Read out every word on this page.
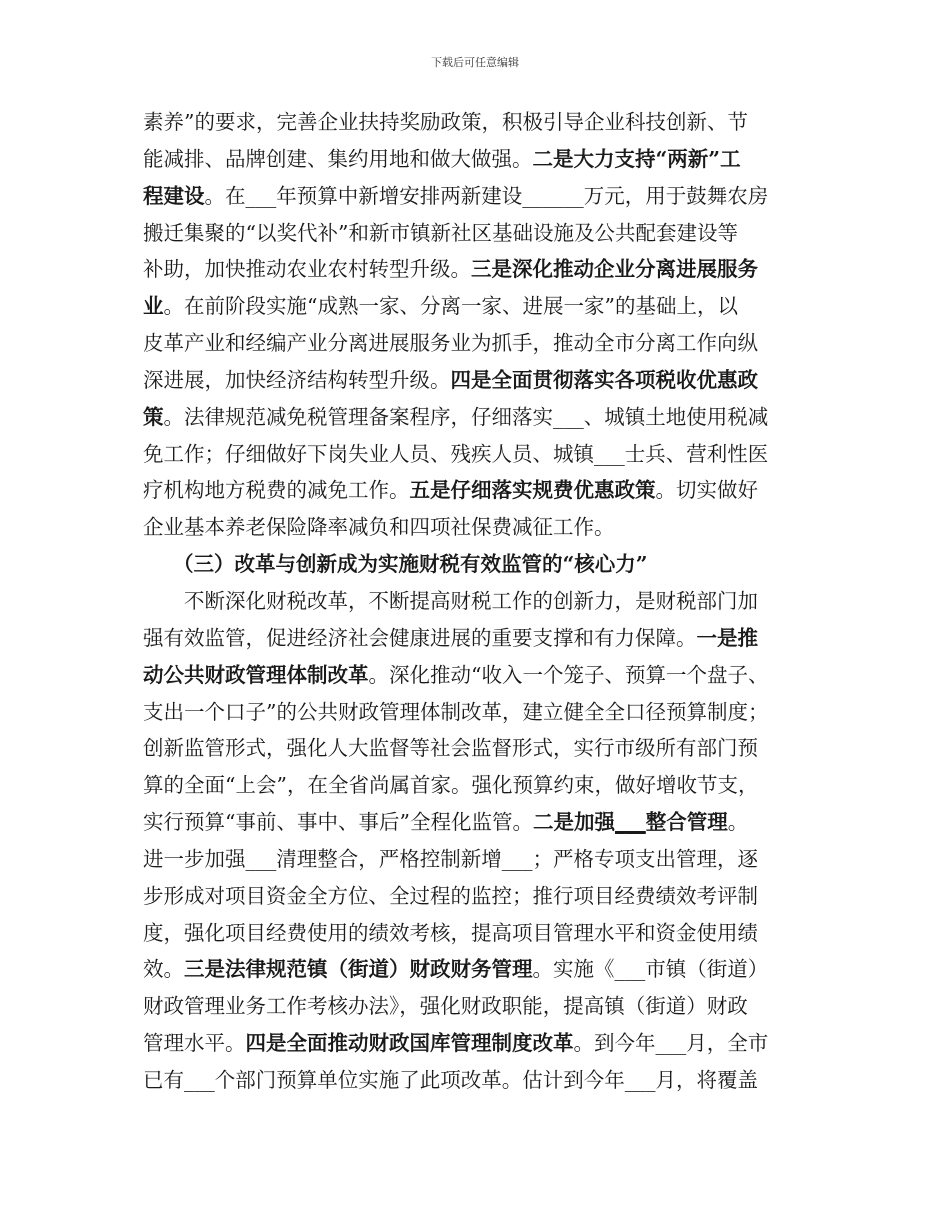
下载后可任意编辑
素养”的要求，完善企业扶持奖励政策，积极引导企业科技创新、节
能减排、品牌创建、集约用地和做大做强。二是大力支持“两新”工
程建设。在___年预算中新增安排两新建设______万元，用于鼓舞农房
搬迁集聚的“以奖代补”和新市镇新社区基础设施及公共配套建设等
补助，加快推动农业农村转型升级。三是深化推动企业分离进展服务
业。在前阶段实施“成熟一家、分离一家、进展一家”的基础上，以
皮革产业和经编产业分离进展服务业为抓手，推动全市分离工作向纵
深进展，加快经济结构转型升级。四是全面贯彻落实各项税收优惠政
策。法律规范减免税管理备案程序，仔细落实___、城镇土地使用税减
免工作；仔细做好下岗失业人员、残疾人员、城镇___士兵、营利性医
疗机构地方税费的减免工作。五是仔细落实规费优惠政策。切实做好
企业基本养老保险降率减负和四项社保费减征工作。
（三）改革与创新成为实施财税有效监管的“核心力”
不断深化财税改革，不断提高财税工作的创新力，是财税部门加
强有效监管，促进经济社会健康进展的重要支撑和有力保障。一是推
动公共财政管理体制改革。深化推动“收入一个笼子、预算一个盘子、
支出一个口子”的公共财政管理体制改革，建立健全全口径预算制度；
创新监管形式，强化人大监督等社会监督形式，实行市级所有部门预
算的全面“上会”，在全省尚属首家。强化预算约束，做好增收节支，
实行预算“事前、事中、事后”全程化监管。二是加强___整合管理。
进一步加强___清理整合，严格控制新增___；严格专项支出管理，逐
步形成对项目资金全方位、全过程的监控；推行项目经费绩效考评制
度，强化项目经费使用的绩效考核，提高项目管理水平和资金使用绩
效。三是法律规范镇（街道）财政财务管理。实施《___市镇（街道）
财政管理业务工作考核办法》，强化财政职能，提高镇（街道）财政
管理水平。四是全面推动财政国库管理制度改革。到今年___月，全市
已有___个部门预算单位实施了此项改革。估计到今年___月，将覆盖
